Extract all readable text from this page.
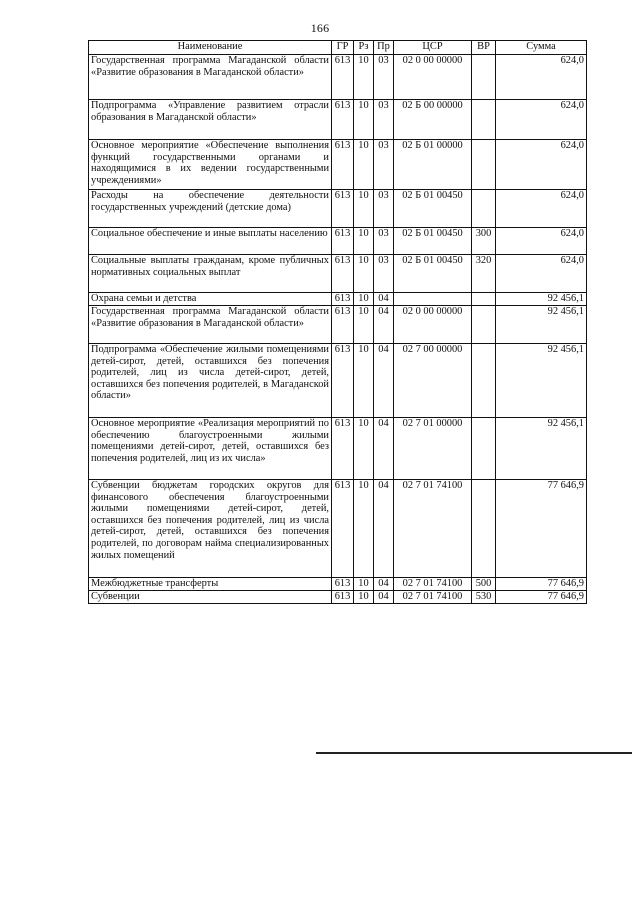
166
Наименование	ГР	Рз	Пр	ЦСР	ВР	Сумма
Государственная программа Магаданской области «Развитие образования в Магаданской области»	613	10	03	02 0 00 00000		624,0
Подпрограмма «Управление развитием отрасли образования в Магаданской области»	613	10	03	02 Б 00 00000		624,0
Основное мероприятие «Обеспечение выполнения функций государственными органами и находящимися в их ведении государственными учреждениями»	613	10	03	02 Б 01 00000		624,0
Расходы на обеспечение деятельности государственных учреждений (детские дома)	613	10	03	02 Б 01 00450		624,0
Социальное обеспечение и иные выплаты населению	613	10	03	02 Б 01 00450	300	624,0
Социальные выплаты гражданам, кроме публичных нормативных социальных выплат	613	10	03	02 Б 01 00450	320	624,0
Охрана семьи и детства	613	10	04			92 456,1
Государственная программа Магаданской области «Развитие образования в Магаданской области»	613	10	04	02 0 00 00000		92 456,1
Подпрограмма «Обеспечение жилыми помещениями детей-сирот, детей, оставшихся без попечения родителей, лиц из числа детей-сирот, детей, оставшихся без попечения родителей, в Магаданской области»	613	10	04	02 7 00 00000		92 456,1
Основное мероприятие «Реализация мероприятий по обеспечению благоустроенными жилыми помещениями детей-сирот, детей, оставшихся без попечения родителей, лиц из их числа»	613	10	04	02 7 01 00000		92 456,1
Субвенции бюджетам городских округов для финансового обеспечения благоустроенными жилыми помещениями детей-сирот, детей, оставшихся без попечения родителей, лиц из числа детей-сирот, детей, оставшихся без попечения родителей, по договорам найма специализированных жилых помещений	613	10	04	02 7 01 74100		77 646,9
Межбюджетные трансферты	613	10	04	02 7 01 74100	500	77 646,9
Субвенции	613	10	04	02 7 01 74100	530	77 646,9
